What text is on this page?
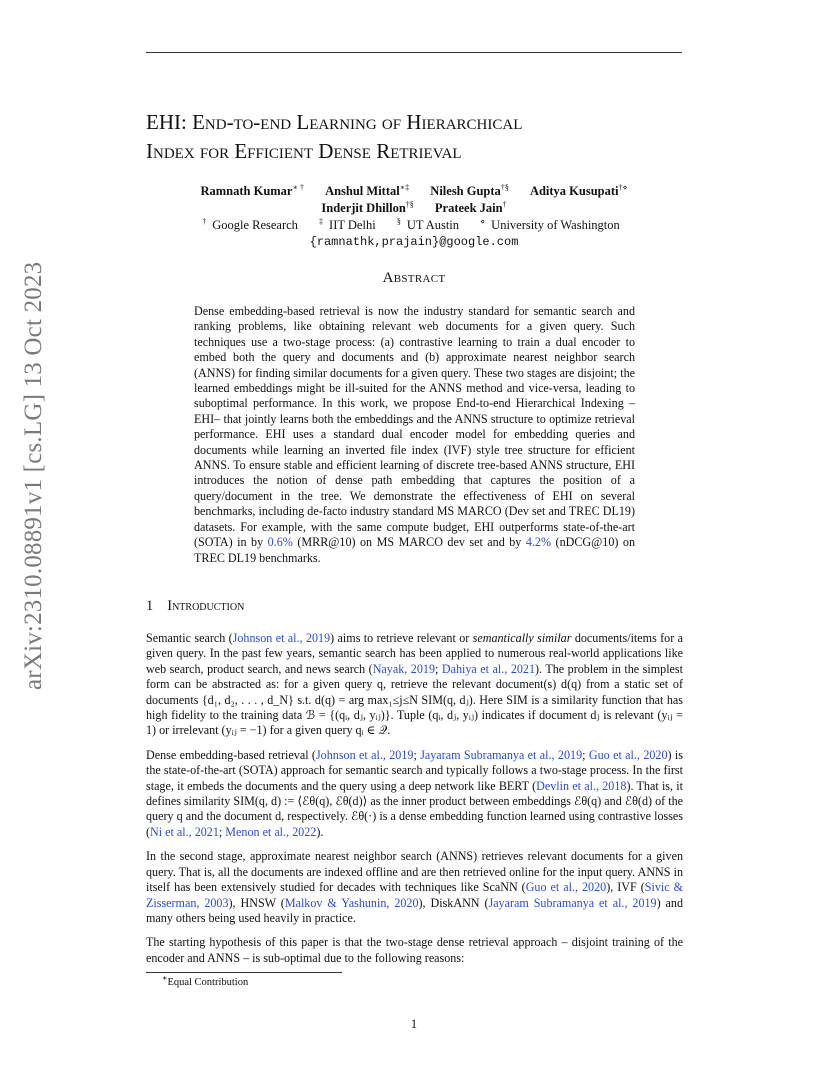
arXiv:2310.08891v1 [cs.LG] 13 Oct 2023
EHI: End-to-end Learning of Hierarchical
Index for Efficient Dense Retrieval
Ramnath Kumar∗ † Anshul Mittal∗‡ Nilesh Gupta†§ Aditya Kusupati†⋄
Inderjit Dhillon†§ Prateek Jain†
† Google Research	‡ IIT Delhi	§ UT Austin	⋄ University of Washington
{ramnathk,prajain}@google.com
Abstract
Dense embedding-based retrieval is now the industry standard for semantic search and ranking problems, like obtaining relevant web documents for a given query. Such techniques use a two-stage process: (a) contrastive learning to train a dual encoder to embed both the query and documents and (b) approximate nearest neighbor search (ANNS) for finding similar documents for a given query. These two stages are disjoint; the learned embeddings might be ill-suited for the ANNS method and vice-versa, leading to suboptimal performance. In this work, we propose End-to-end Hierarchical Indexing – EHI– that jointly learns both the embeddings and the ANNS structure to optimize retrieval performance. EHI uses a standard dual encoder model for embedding queries and documents while learning an inverted file index (IVF) style tree structure for efficient ANNS. To ensure stable and efficient learning of discrete tree-based ANNS structure, EHI introduces the notion of dense path embedding that captures the position of a query/document in the tree. We demonstrate the effectiveness of EHI on several benchmarks, including de-facto industry standard MS MARCO (Dev set and TREC DL19) datasets. For example, with the same compute budget, EHI outperforms state-of-the-art (SOTA) in by 0.6% (MRR@10) on MS MARCO dev set and by 4.2% (nDCG@10) on TREC DL19 benchmarks.
1 Introduction

Semantic search (Johnson et al., 2019) aims to retrieve relevant or semantically similar documents/items for a given query. In the past few years, semantic search has been applied to numerous real-world applications like web search, product search, and news search (Nayak, 2019; Dahiya et al., 2021). The problem in the simplest form can be abstracted as: for a given query q, retrieve the relevant document(s) d(q) from a static set of documents {d₁, d₂, . . . , d_N} s.t. d(q) = arg max₁≤j≤N SIM(q, dⱼ). Here SIM is a similarity function that has high fidelity to the training data ℬ = {(qᵢ, dⱼ, yᵢⱼ)}. Tuple (qᵢ, dⱼ, yᵢⱼ) indicates if document dⱼ is relevant (yᵢⱼ = 1) or irrelevant (yᵢⱼ = −1) for a given query qᵢ ∈ 𝒬.

Dense embedding-based retrieval (Johnson et al., 2019; Jayaram Subramanya et al., 2019; Guo et al., 2020) is the state-of-the-art (SOTA) approach for semantic search and typically follows a two-stage process. In the first stage, it embeds the documents and the query using a deep network like BERT (Devlin et al., 2018). That is, it defines similarity SIM(q, d) := ⟨ℰθ(q), ℰθ(d)⟩ as the inner product between embeddings ℰθ(q) and ℰθ(d) of the query q and the document d, respectively. ℰθ(·) is a dense embedding function learned using contrastive losses (Ni et al., 2021; Menon et al., 2022).

In the second stage, approximate nearest neighbor search (ANNS) retrieves relevant documents for a given query. That is, all the documents are indexed offline and are then retrieved online for the input query. ANNS in itself has been extensively studied for decades with techniques like ScaNN (Guo et al., 2020), IVF (Sivic & Zisserman, 2003), HNSW (Malkov & Yashunin, 2020), DiskANN (Jayaram Subramanya et al., 2019) and many others being used heavily in practice.

The starting hypothesis of this paper is that the two-stage dense retrieval approach – disjoint training of the encoder and ANNS – is sub-optimal due to the following reasons:

∗Equal Contribution
1
